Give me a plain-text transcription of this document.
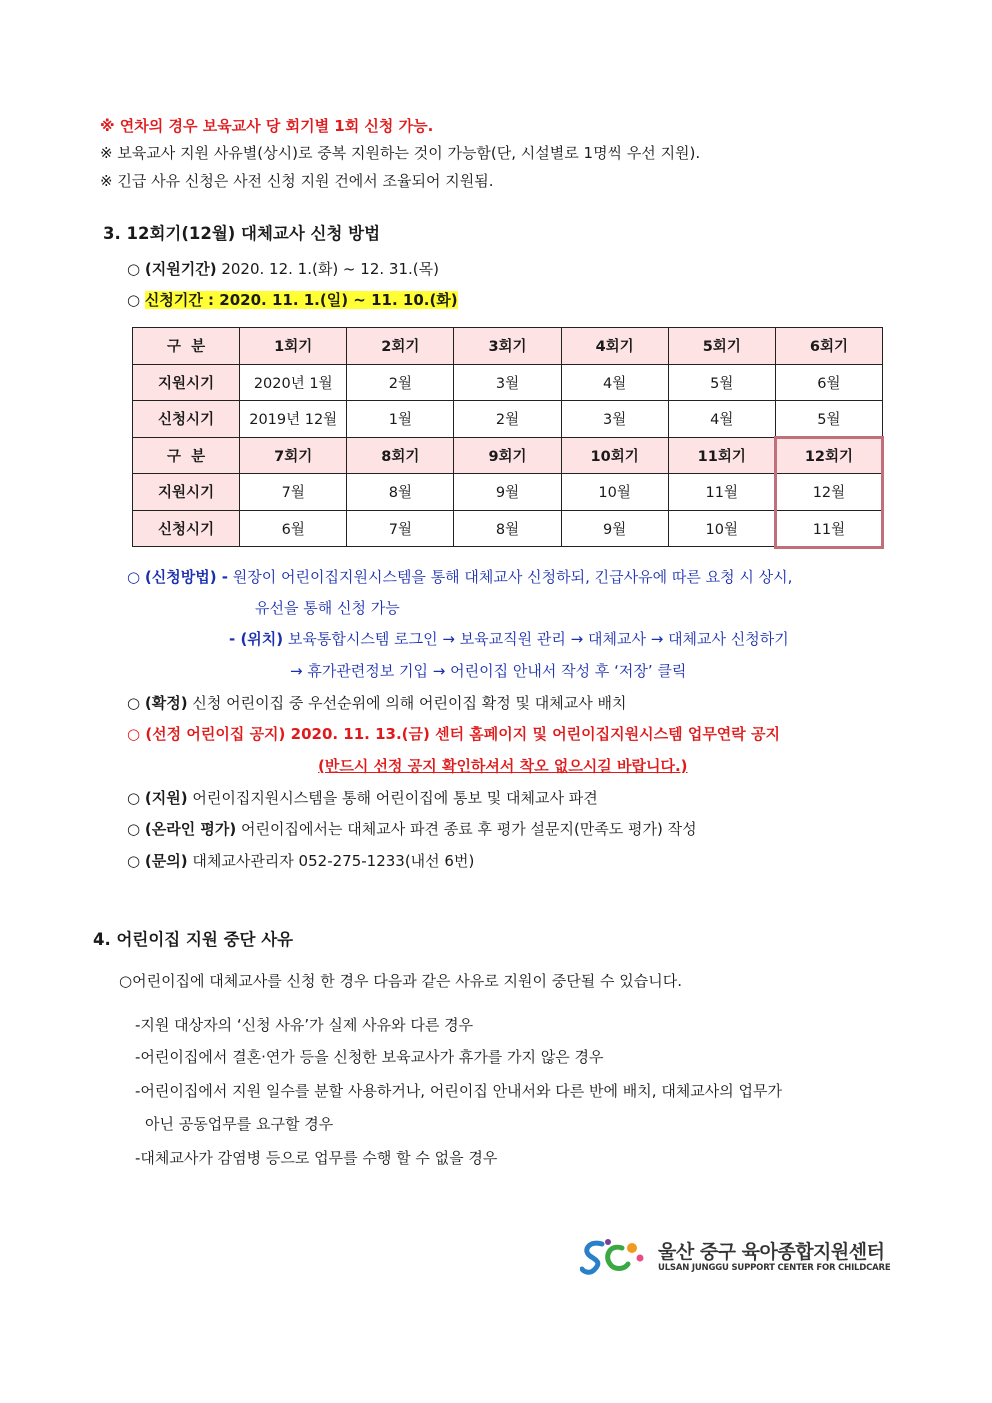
※ 연차의 경우 보육교사 당 회기별 1회 신청 가능.
※ 보육교사 지원 사유별(상시)로 중복 지원하는 것이 가능함(단, 시설별로 1명씩 우선 지원).
※ 긴급 사유 신청은 사전 신청 지원 건에서 조율되어 지원됨.
3. 12회기(12월) 대체교사 신청 방법
○ (지원기간) 2020. 12. 1.(화) ~ 12. 31.(목)
○ 신청기간 : 2020. 11. 1.(일) ~ 11. 10.(화)
구  분	1회기	2회기	3회기	4회기	5회기	6회기
지원시기	2020년 1월	2월	3월	4월	5월	6월
신청시기	2019년 12월	1월	2월	3월	4월	5월
구  분	7회기	8회기	9회기	10회기	11회기	12회기
지원시기	7월	8월	9월	10월	11월	12월
신청시기	6월	7월	8월	9월	10월	11월
○ (신청방법) - 원장이 어린이집지원시스템을 통해 대체교사 신청하되, 긴급사유에 따른 요청 시 상시,
유선을 통해 신청 가능
- (위치) 보육통합시스템 로그인 → 보육교직원 관리 → 대체교사 → 대체교사 신청하기
→ 휴가관련정보 기입 → 어린이집 안내서 작성 후 ‘저장’ 클릭
○ (확정) 신청 어린이집 중 우선순위에 의해 어린이집 확정 및 대체교사 배치
○ (선정 어린이집 공지) 2020. 11. 13.(금) 센터 홈페이지 및 어린이집지원시스템 업무연락 공지
(반드시 선정 공지 확인하셔서 착오 없으시길 바랍니다.)
○ (지원) 어린이집지원시스템을 통해 어린이집에 통보 및 대체교사 파견
○ (온라인 평가) 어린이집에서는 대체교사 파견 종료 후 평가 설문지(만족도 평가) 작성
○ (문의) 대체교사관리자 052-275-1233(내선 6번)
4. 어린이집 지원 중단 사유
○어린이집에 대체교사를 신청 한 경우 다음과 같은 사유로 지원이 중단될 수 있습니다.
-지원 대상자의 ‘신청 사유’가 실제 사유와 다른 경우
-어린이집에서 결혼·연가 등을 신청한 보육교사가 휴가를 가지 않은 경우
-어린이집에서 지원 일수를 분할 사용하거나, 어린이집 안내서와 다른 반에 배치, 대체교사의 업무가
아닌 공동업무를 요구할 경우
-대체교사가 감염병 등으로 업무를 수행 할 수 없을 경우
울산 중구 육아종합지원센터
ULSAN JUNGGU SUPPORT CENTER FOR CHILDCARE
